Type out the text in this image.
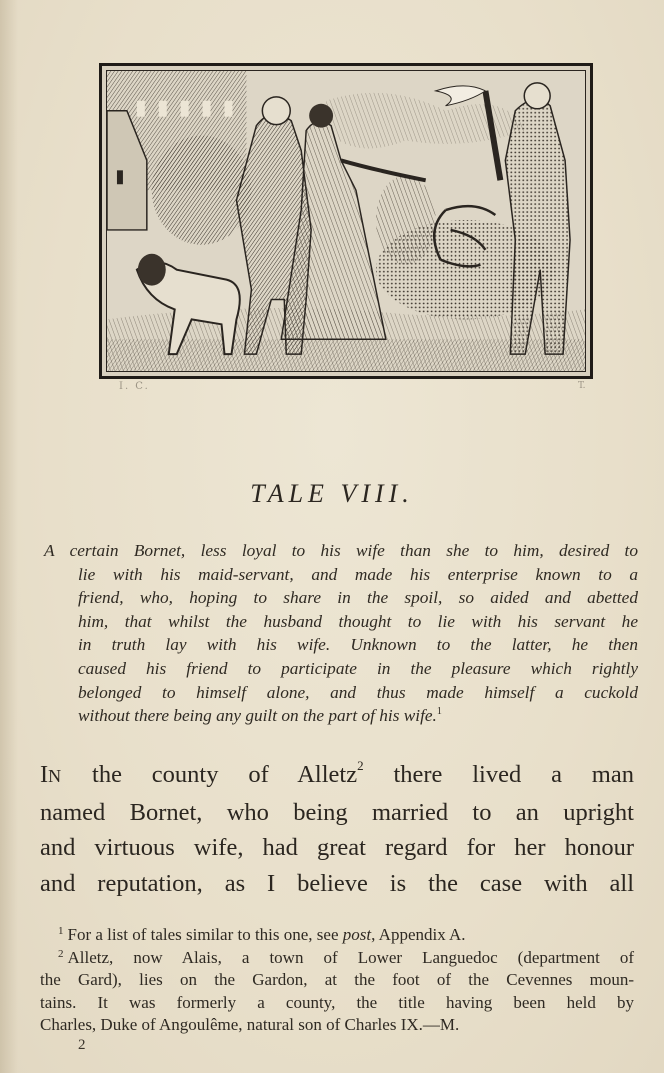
I. C.	T.
TALE VIII.
A certain Bornet, less loyal to his wife than she to him, desired to
lie with his maid-servant, and made his enterprise known to a
friend, who, hoping to share in the spoil, so aided and abetted
him, that whilst the husband thought to lie with his servant he
in truth lay with his wife. Unknown to the latter, he then
caused his friend to participate in the pleasure which rightly
belonged to himself alone, and thus made himself a cuckold
without there being any guilt on the part of his wife.$^1$
IN the county of Alletz$^2$ there lived a man
named Bornet, who being married to an upright
and virtuous wife, had great regard for her honour
and reputation, as I believe is the case with all
$^1$ For a list of tales similar to this one, see post, Appendix A.
$^2$ Alletz, now Alais, a town of Lower Languedoc (department of
the Gard), lies on the Gardon, at the foot of the Cevennes moun-
tains. It was formerly a county, the title having been held by
Charles, Duke of Angoulême, natural son of Charles IX.—M.
2
